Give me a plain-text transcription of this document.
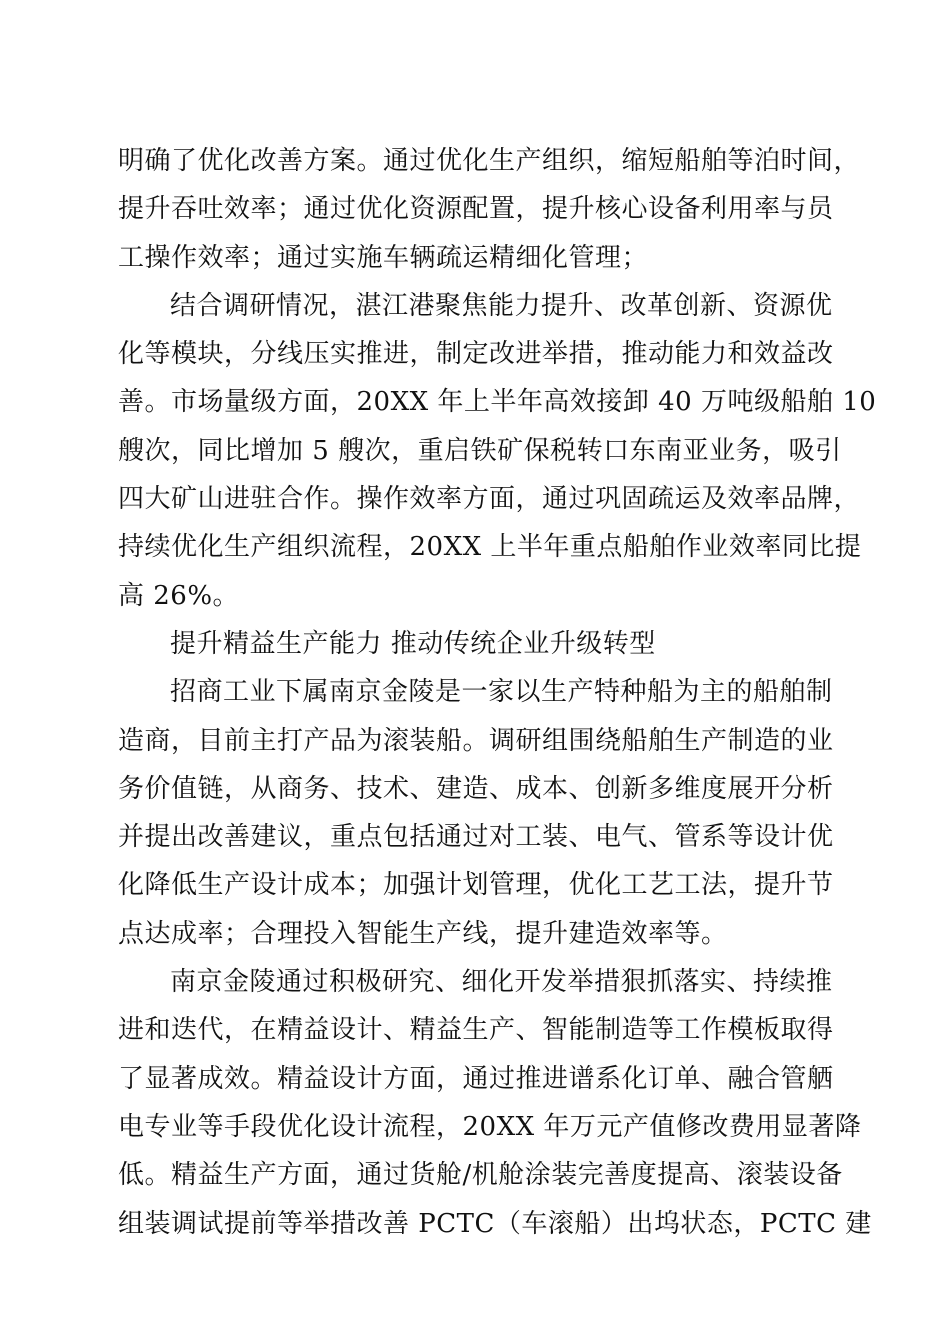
明确了优化改善方案。通过优化生产组织，缩短船舶等泊时间，
提升吞吐效率；通过优化资源配置，提升核心设备利用率与员
工操作效率；通过实施车辆疏运精细化管理；
结合调研情况，湛江港聚焦能力提升、改革创新、资源优
化等模块，分线压实推进，制定改进举措，推动能力和效益改
善。市场量级方面，20XX 年上半年高效接卸 40 万吨级船舶 10
艘次，同比增加 5 艘次，重启铁矿保税转口东南亚业务，吸引
四大矿山进驻合作。操作效率方面，通过巩固疏运及效率品牌，
持续优化生产组织流程，20XX 上半年重点船舶作业效率同比提
高 26%。
提升精益生产能力 推动传统企业升级转型
招商工业下属南京金陵是一家以生产特种船为主的船舶制
造商，目前主打产品为滚装船。调研组围绕船舶生产制造的业
务价值链，从商务、技术、建造、成本、创新多维度展开分析
并提出改善建议，重点包括通过对工装、电气、管系等设计优
化降低生产设计成本；加强计划管理，优化工艺工法，提升节
点达成率；合理投入智能生产线，提升建造效率等。
南京金陵通过积极研究、细化开发举措狠抓落实、持续推
进和迭代，在精益设计、精益生产、智能制造等工作模板取得
了显著成效。精益设计方面，通过推进谱系化订单、融合管舾
电专业等手段优化设计流程，20XX 年万元产值修改费用显著降
低。精益生产方面，通过货舱/机舱涂装完善度提高、滚装设备
组装调试提前等举措改善 PCTC（车滚船）出坞状态，PCTC 建
